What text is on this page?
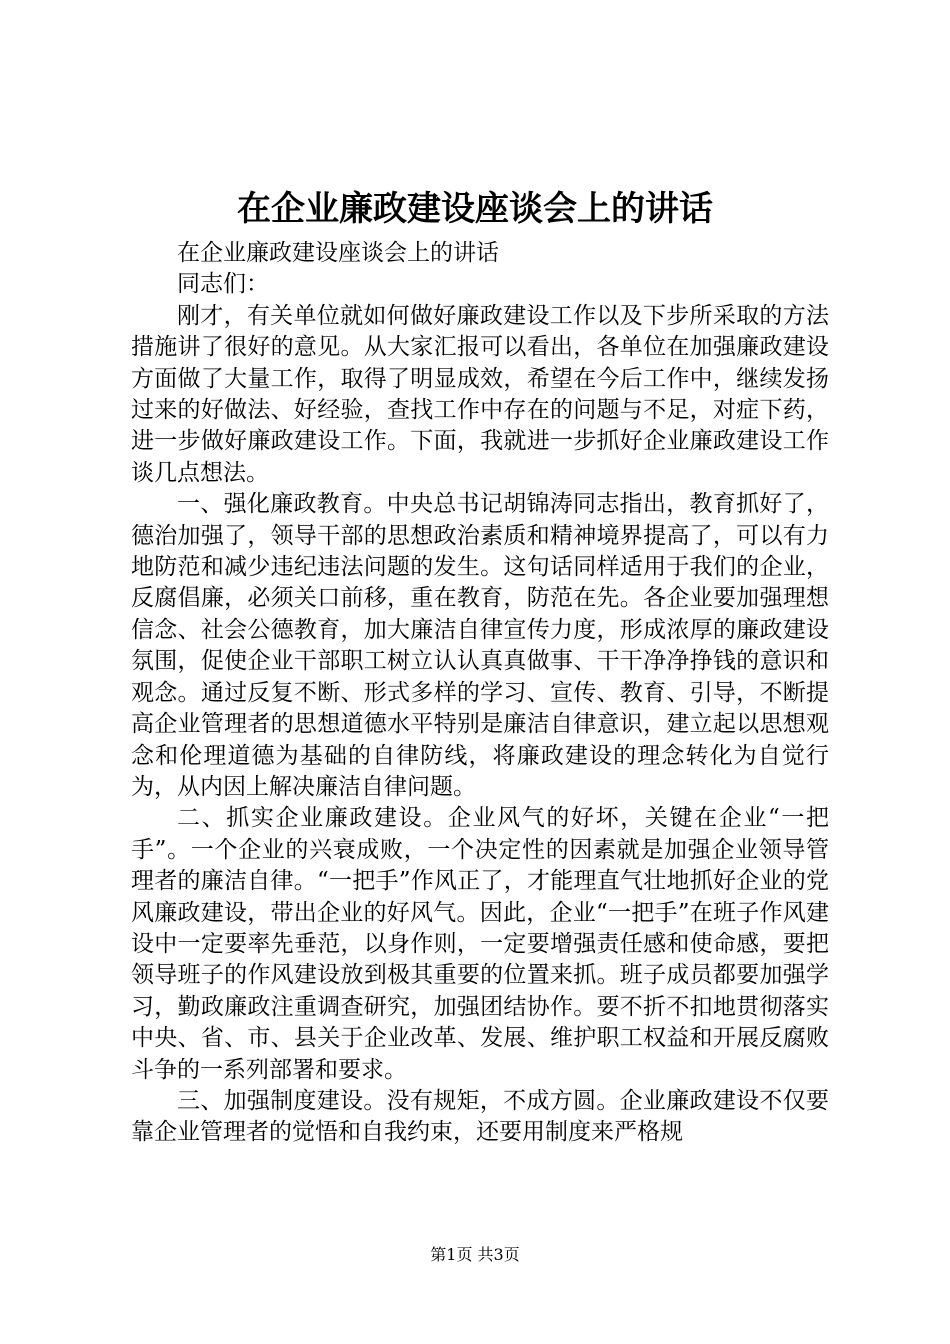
在企业廉政建设座谈会上的讲话

在企业廉政建设座谈会上的讲话

同志们：

刚才，有关单位就如何做好廉政建设工作以及下步所采取的方法措施讲了很好的意见。从大家汇报可以看出，各单位在加强廉政建设方面做了大量工作，取得了明显成效，希望在今后工作中，继续发扬过来的好做法、好经验，查找工作中存在的问题与不足，对症下药，进一步做好廉政建设工作。下面，我就进一步抓好企业廉政建设工作谈几点想法。

一、强化廉政教育。中央总书记胡锦涛同志指出，教育抓好了，德治加强了，领导干部的思想政治素质和精神境界提高了，可以有力地防范和减少违纪违法问题的发生。这句话同样适用于我们的企业，反腐倡廉，必须关口前移，重在教育，防范在先。各企业要加强理想信念、社会公德教育，加大廉洁自律宣传力度，形成浓厚的廉政建设氛围，促使企业干部职工树立认认真真做事、干干净净挣钱的意识和观念。通过反复不断、形式多样的学习、宣传、教育、引导，不断提高企业管理者的思想道德水平特别是廉洁自律意识，建立起以思想观念和伦理道德为基础的自律防线，将廉政建设的理念转化为自觉行为，从内因上解决廉洁自律问题。

二、抓实企业廉政建设。企业风气的好坏，关键在企业“一把手”。一个企业的兴衰成败，一个决定性的因素就是加强企业领导管理者的廉洁自律。“一把手”作风正了，才能理直气壮地抓好企业的党风廉政建设，带出企业的好风气。因此，企业“一把手”在班子作风建设中一定要率先垂范，以身作则，一定要增强责任感和使命感，要把领导班子的作风建设放到极其重要的位置来抓。班子成员都要加强学习，勤政廉政注重调查研究，加强团结协作。要不折不扣地贯彻落实中央、省、市、县关于企业改革、发展、维护职工权益和开展反腐败斗争的一系列部署和要求。

三、加强制度建设。没有规矩，不成方圆。企业廉政建设不仅要靠企业管理者的觉悟和自我约束，还要用制度来严格规

第1页 共3页
